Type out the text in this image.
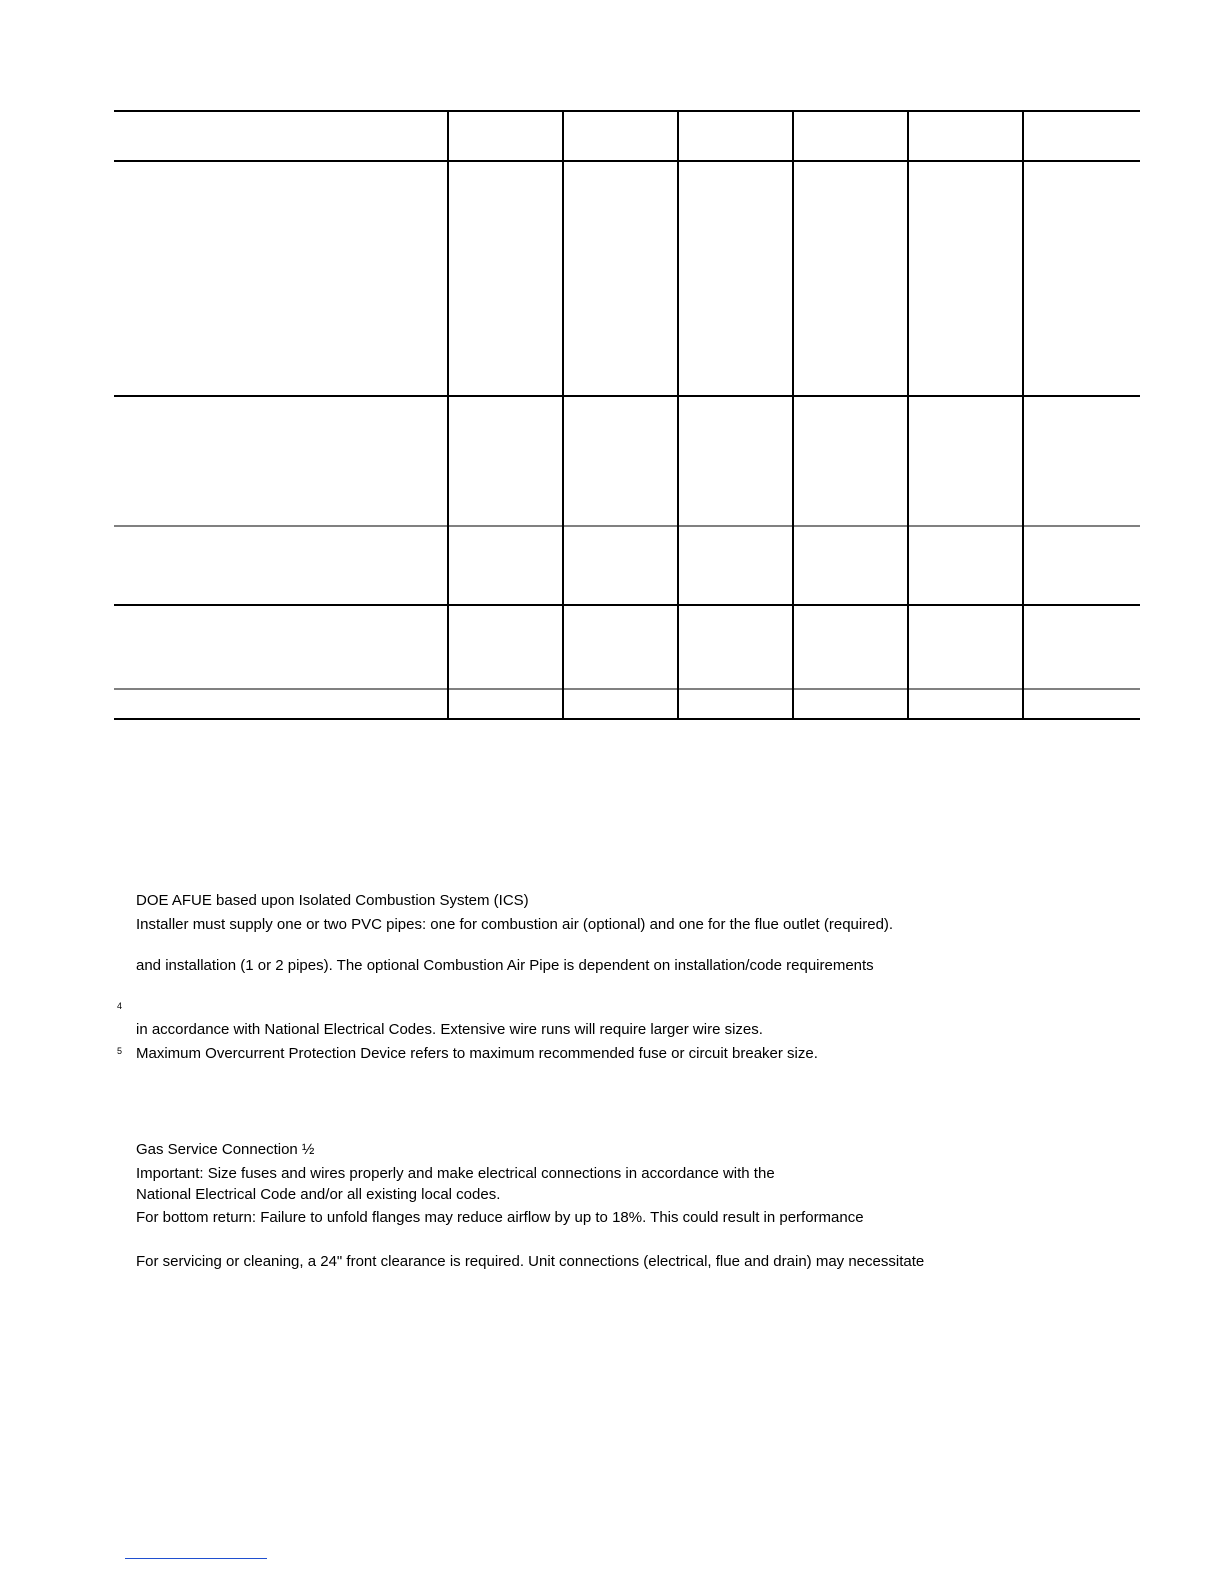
DOE AFUE based upon Isolated Combustion System (ICS)
Installer must supply one or two PVC pipes: one for combustion air (optional) and one for the flue outlet (required).
and installation (1 or 2 pipes). The optional Combustion Air Pipe is dependent on installation/code requirements
4
in accordance with National Electrical Codes. Extensive wire runs will require larger wire sizes.
5 Maximum Overcurrent Protection Device refers to maximum recommended fuse or circuit breaker size.
Gas Service Connection ½
Important: Size fuses and wires properly and make electrical connections in accordance with the
National Electrical Code and/or all existing local codes.
For bottom return: Failure to unfold flanges may reduce airflow by up to 18%. This could result in performance
For servicing or cleaning, a 24" front clearance is required. Unit connections (electrical, flue and drain) may necessitate
